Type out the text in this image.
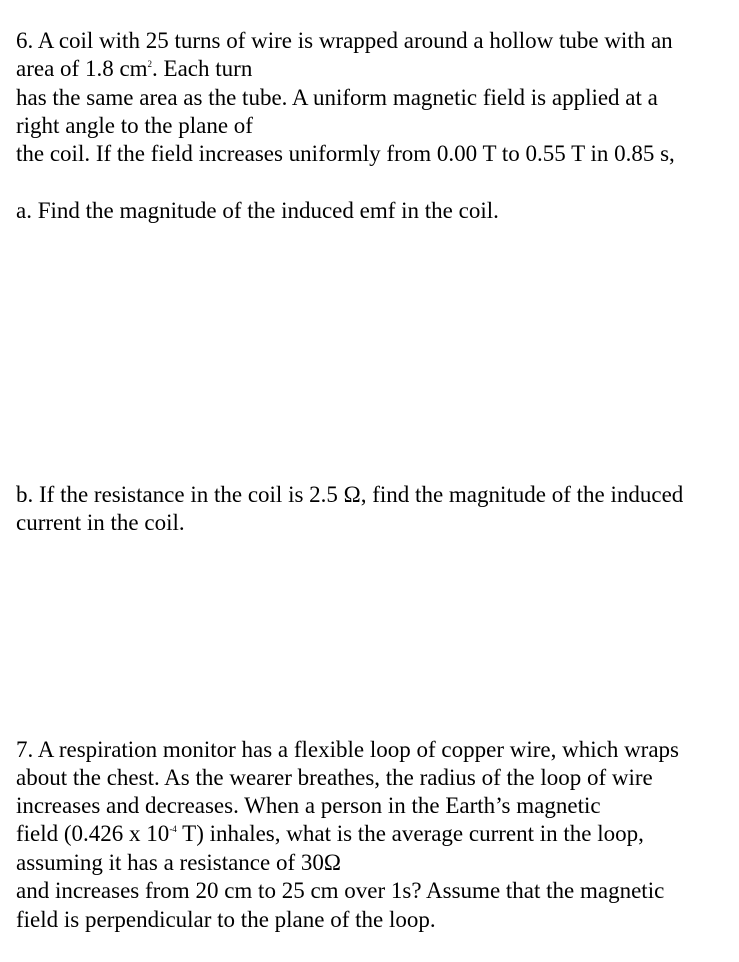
6. A coil with 25 turns of wire is wrapped around a hollow tube with an
area of 1.8 $cm^2$. Each turn
has the same area as the tube. A uniform magnetic field is applied at a
right angle to the plane of
the coil. If the field increases uniformly from 0.00 T to 0.55 T in 0.85 s,
a. Find the magnitude of the induced emf in the coil.
b. If the resistance in the coil is 2.5 Ω, find the magnitude of the induced
current in the coil.
7. A respiration monitor has a flexible loop of copper wire, which wraps
about the chest. As the wearer breathes, the radius of the loop of wire
increases and decreases. When a person in the Earth’s magnetic
field (0.426 x $10^{-4}$ T) inhales, what is the average current in the loop,
assuming it has a resistance of 30Ω
and increases from 20 cm to 25 cm over 1s? Assume that the magnetic
field is perpendicular to the plane of the loop.
